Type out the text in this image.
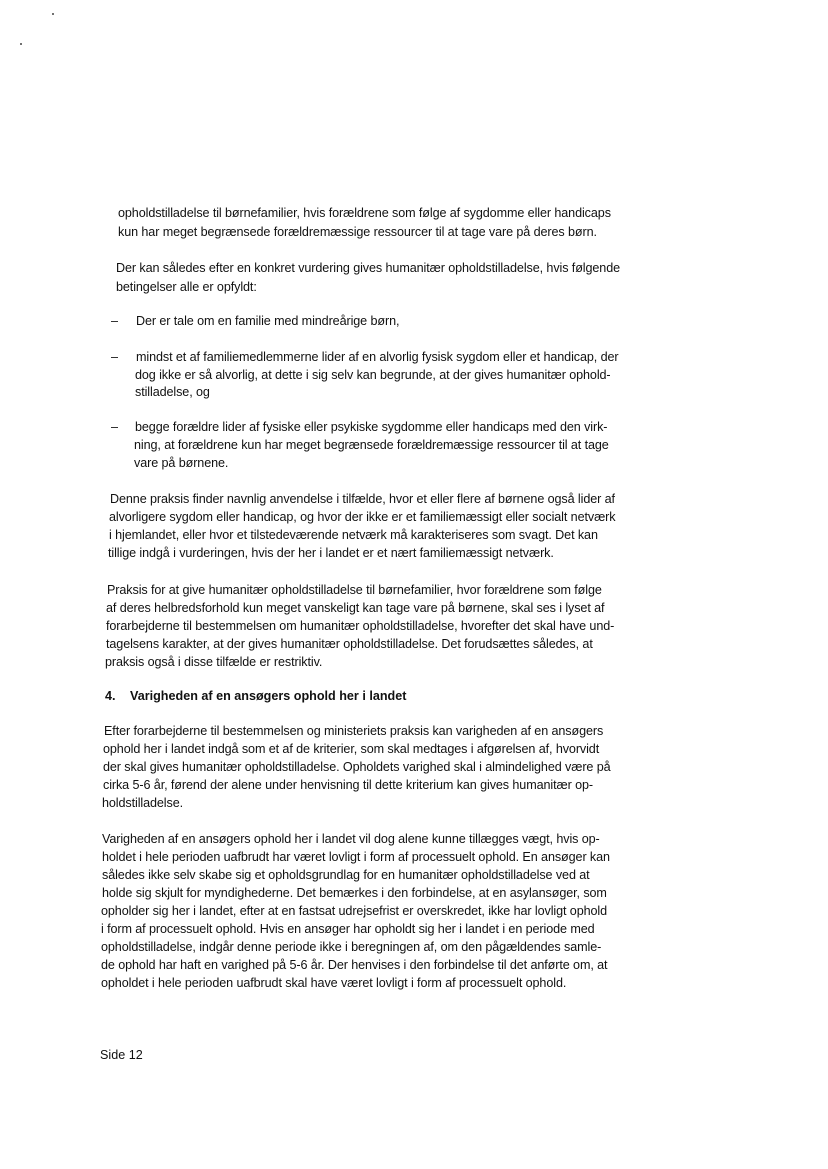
opholdstilladelse til børnefamilier, hvis forældrene som følge af sygdomme eller handicaps
kun har meget begrænsede forældremæssige ressourcer til at tage vare på deres børn.
Der kan således efter en konkret vurdering gives humanitær opholdstilladelse, hvis følgende
betingelser alle er opfyldt:
– Der er tale om en familie med mindreårige børn,
– mindst et af familiemedlemmerne lider af en alvorlig fysisk sygdom eller et handicap, der
dog ikke er så alvorlig, at dette i sig selv kan begrunde, at der gives humanitær ophold-
stilladelse, og
– begge forældre lider af fysiske eller psykiske sygdomme eller handicaps med den virk-
ning, at forældrene kun har meget begrænsede forældremæssige ressourcer til at tage
vare på børnene.
Denne praksis finder navnlig anvendelse i tilfælde, hvor et eller flere af børnene også lider af
alvorligere sygdom eller handicap, og hvor der ikke er et familiemæssigt eller socialt netværk
i hjemlandet, eller hvor et tilstedeværende netværk må karakteriseres som svagt. Det kan
tillige indgå i vurderingen, hvis der her i landet er et nært familiemæssigt netværk.
Praksis for at give humanitær opholdstilladelse til børnefamilier, hvor forældrene som følge
af deres helbredsforhold kun meget vanskeligt kan tage vare på børnene, skal ses i lyset af
forarbejderne til bestemmelsen om humanitær opholdstilladelse, hvorefter det skal have und-
tagelsens karakter, at der gives humanitær opholdstilladelse. Det forudsættes således, at
praksis også i disse tilfælde er restriktiv.
4. Varigheden af en ansøgers ophold her i landet
Efter forarbejderne til bestemmelsen og ministeriets praksis kan varigheden af en ansøgers
ophold her i landet indgå som et af de kriterier, som skal medtages i afgørelsen af, hvorvidt
der skal gives humanitær opholdstilladelse. Opholdets varighed skal i almindelighed være på
cirka 5-6 år, førend der alene under henvisning til dette kriterium kan gives humanitær op-
holdstilladelse.
Varigheden af en ansøgers ophold her i landet vil dog alene kunne tillægges vægt, hvis op-
holdet i hele perioden uafbrudt har været lovligt i form af processuelt ophold. En ansøger kan
således ikke selv skabe sig et opholdsgrundlag for en humanitær opholdstilladelse ved at
holde sig skjult for myndighederne. Det bemærkes i den forbindelse, at en asylansøger, som
opholder sig her i landet, efter at en fastsat udrejsefrist er overskredet, ikke har lovligt ophold
i form af processuelt ophold. Hvis en ansøger har opholdt sig her i landet i en periode med
opholdstilladelse, indgår denne periode ikke i beregningen af, om den pågældendes samle-
de ophold har haft en varighed på 5-6 år. Der henvises i den forbindelse til det anførte om, at
opholdet i hele perioden uafbrudt skal have været lovligt i form af processuelt ophold.
Side 12
